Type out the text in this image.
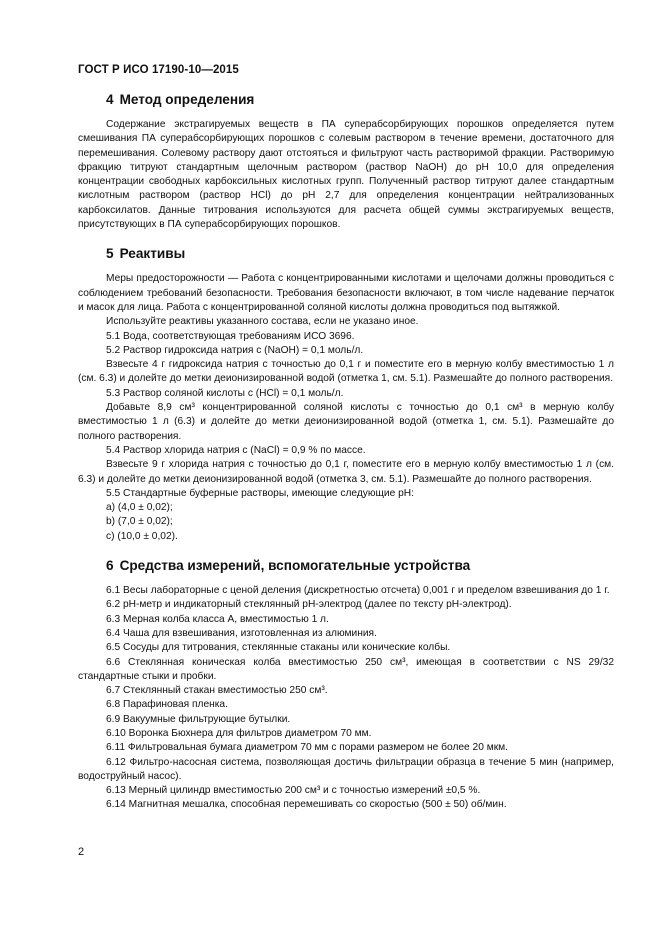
ГОСТ Р ИСО 17190-10—2015
4 Метод определения

Содержание экстрагируемых веществ в ПА суперабсорбирующих порошков определяется путем смешивания ПА суперабсорбирующих порошков с солевым раствором в течение времени, достаточного для перемешивания. Солевому раствору дают отстояться и фильтруют часть растворимой фракции. Растворимую фракцию титруют стандартным щелочным раствором (раствор NaOH) до pH 10,0 для определения концентрации свободных карбоксильных кислотных групп. Полученный раствор титруют далее стандартным кислотным раствором (раствор HCl) до pH 2,7 для определения концентрации нейтрализованных карбоксилатов. Данные титрования используются для расчета общей суммы экстрагируемых веществ, присутствующих в ПА суперабсорбирующих порошков.

5 Реактивы

Меры предосторожности — Работа с концентрированными кислотами и щелочами должны проводиться с соблюдением требований безопасности. Требования безопасности включают, в том числе надевание перчаток и масок для лица. Работа с концентрированной соляной кислоты должна проводиться под вытяжкой.

Используйте реактивы указанного состава, если не указано иное.

5.1 Вода, соответствующая требованиям ИСО 3696.

5.2 Раствор гидроксида натрия c (NaOH) = 0,1 моль/л.

Взвесьте 4 г гидроксида натрия с точностью до 0,1 г и поместите его в мерную колбу вместимостью 1 л (см. 6.3) и долейте до метки деионизированной водой (отметка 1, см. 5.1). Размешайте до полного растворения.

5.3 Раствор соляной кислоты c (HCl) = 0,1 моль/л.

Добавьте 8,9 см³ концентрированной соляной кислоты с точностью до 0,1 см³ в мерную колбу вместимостью 1 л (6.3) и долейте до метки деионизированной водой (отметка 1, см. 5.1). Размешайте до полного растворения.

5.4 Раствор хлорида натрия c (NaCl) = 0,9 % по массе.

Взвесьте 9 г хлорида натрия с точностью до 0,1 г, поместите его в мерную колбу вместимостью 1 л (см. 6.3) и долейте до метки деионизированной водой (отметка 3, см. 5.1). Размешайте до полного растворения.

5.5 Стандартные буферные растворы, имеющие следующие pH:

а) (4,0 ± 0,02);

b) (7,0 ± 0,02);

с) (10,0 ± 0,02).

6 Средства измерений, вспомогательные устройства

6.1 Весы лабораторные с ценой деления (дискретностью отсчета) 0,001 г и пределом взвешивания до 1 г.

6.2 pH-метр и индикаторный стеклянный pH-электрод (далее по тексту pH-электрод).

6.3 Мерная колба класса А, вместимостью 1 л.

6.4 Чаша для взвешивания, изготовленная из алюминия.

6.5 Сосуды для титрования, стеклянные стаканы или конические колбы.

6.6 Стеклянная коническая колба вместимостью 250 см³, имеющая в соответствии с NS 29/32 стандартные стыки и пробки.

6.7 Стеклянный стакан вместимостью 250 см³.

6.8 Парафиновая пленка.

6.9 Вакуумные фильтрующие бутылки.

6.10 Воронка Бюхнера для фильтров диаметром 70 мм.

6.11 Фильтровальная бумага диаметром 70 мм с порами размером не более 20 мкм.

6.12 Фильтро-насосная система, позволяющая достичь фильтрации образца в течение 5 мин (например, водоструйный насос).

6.13 Мерный цилиндр вместимостью 200 см³ и с точностью измерений ±0,5 %.

6.14 Магнитная мешалка, способная перемешивать со скоростью (500 ± 50) об/мин.

2
